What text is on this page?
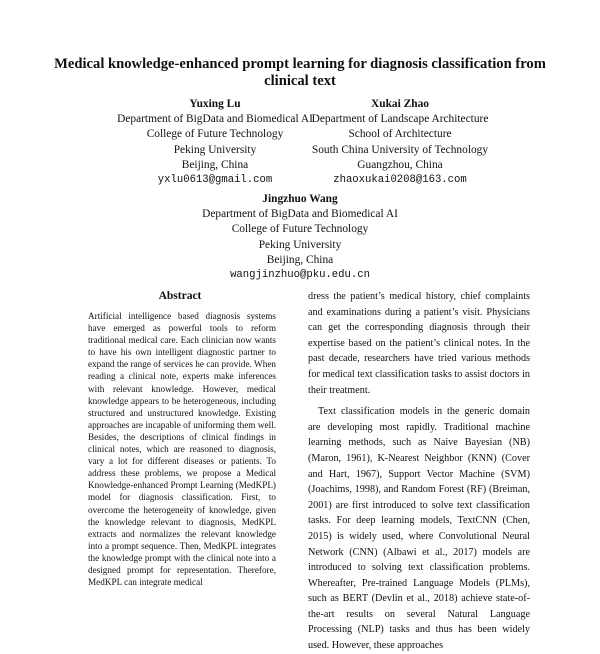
Medical knowledge-enhanced prompt learning for diagnosis classification from clinical text
Yuxing Lu
Department of BigData and Biomedical AI
College of Future Technology
Peking University
Beijing, China
yxlu0613@gmail.com
Xukai Zhao
Department of Landscape Architecture
School of Architecture
South China University of Technology
Guangzhou, China
zhaoxukai0208@163.com
Jingzhuo Wang
Department of BigData and Biomedical AI
College of Future Technology
Peking University
Beijing, China
wangjinzhuo@pku.edu.cn
Abstract
Artificial intelligence based diagnosis systems have emerged as powerful tools to reform traditional medical care. Each clinician now wants to have his own intelligent diagnostic partner to expand the range of services he can provide. When reading a clinical note, experts make inferences with relevant knowledge. However, medical knowledge appears to be heterogeneous, including structured and unstructured knowledge. Existing approaches are incapable of uniforming them well. Besides, the descriptions of clinical findings in clinical notes, which are reasoned to diagnosis, vary a lot for different diseases or patients. To address these problems, we propose a Medical Knowledge-enhanced Prompt Learning (MedKPL) model for diagnosis classification. First, to overcome the heterogeneity of knowledge, given the knowledge relevant to diagnosis, MedKPL extracts and normalizes the relevant knowledge into a prompt sequence. Then, MedKPL integrates the knowledge prompt with the clinical note into a designed prompt for representation. Therefore, MedKPL can integrate medical

dress the patient’s medical history, chief complaints and examinations during a patient’s visit. Physicians can get the corresponding diagnosis through their expertise based on the patient’s clinical notes. In the past decade, researchers have tried various methods for medical text classification tasks to assist doctors in their treatment.

Text classification models in the generic domain are developing most rapidly. Traditional machine learning methods, such as Naive Bayesian (NB) (Maron, 1961), K-Nearest Neighbor (KNN) (Cover and Hart, 1967), Support Vector Machine (SVM) (Joachims, 1998), and Random Forest (RF) (Breiman, 2001) are first introduced to solve text classification tasks. For deep learning models, TextCNN (Chen, 2015) is widely used, where Convolutional Neural Network (CNN) (Albawi et al., 2017) models are introduced to solving text classification problems. Whereafter, Pre-trained Language Models (PLMs), such as BERT (Devlin et al., 2018) achieve state-of-the-art results on several Natural Language Processing (NLP) tasks and thus has been widely used. However, these approaches
